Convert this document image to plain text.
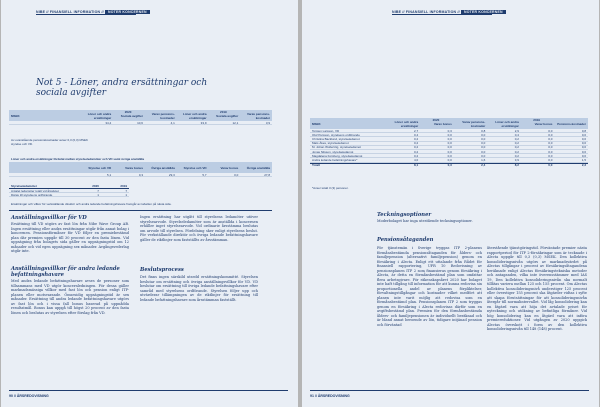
NIBE // FINANSIELL INFORMATION // NOTER KONCERNEN
Not 5 - Löner, andra ersättningar och sociala avgifter
MSEK	Löner och andra ersättningar	Sociala avgifter	Varav pensions-kostnader
Löner och andra ersättningar	Sociala avgifter	Varav pensions-kostnader
2020	2019
34,4	10,6	4,1	33,9	12,1	3,9
Av ovanstående pensionskostnader avser 0,3 (0,3) MSEK styrelse och VD.
Löner och andra ersättningar fördelat mellan styrelseledamöter och VD samt övriga anställda
Styrelse och VD	Varav bonus	Övriga anställda	Styrelse och VD	Varav bonus	Övriga anställda
5,1	0,3	29,3	5,7	0,0	27,8
Styrelseledamöter	2020	2019
Antalet ledamöter totalt vid årsslutet	7	7
Därav till styrelsens ordförande	1	1
Ersättningar och villkor för verkställande direktör och andra ledande befattningshavare framgår av tabellen på nästa sida.
Anställningsvillkor för VD
Ersättning till VD utgörs av fast lön från Nibe Wave Group AB. Ingen ersättning eller andra ersättningar utgår från annat bolag i koncernen. Pensionsförmåner för VD följer en premiebestämd plan där premien uppgår till 30 procent av den fasta lönen. Vid uppsägning från bolagets sida gäller en uppsägningstid om 12 månader och vid egen uppsägning sex månader. Avgångsvederlag utgår inte.
Anställningsvillkor för andra ledande befattningshavare
Med andra ledande befattningshavare avses de personer som tillsammans med VD utgör koncernledningen. För dessa gäller marknadsmässiga villkor med fast lön och pension enligt ITP-planen eller motsvarande. Ömsesidig uppsägningstid är sex månader. Ersättning till andra ledande befattningshavare utgörs av fast lön och i vissa fall bonus baserad på uppnådda resultatmål. Bonus kan uppgå till högst 20 procent av den fasta lönen och beslutas av styrelsen efter förslag från VD.
Ingen ersättning har utgått till styrelsens ledamöter utöver styrelsearvode. Styrelseledamöter som är anställda i koncernen erhåller inget styrelsearvode. Vid ordinarie årsstämma beslutas om arvode till styrelsen. Fördelning sker enligt styrelsens beslut. För verkställande direktör och övriga ledande befattningshavare gäller de riktlinjer som fastställts av årsstämman.
Beslutsprocess
Det finns ingen särskild utsedd ersättningskommitté. Styrelsen beslutar om ersättning och övriga anställningsvillkor för VD. VD beslutar om ersättning till övriga ledande befattningshavare efter samråd med styrelsens ordförande. Styrelsen följer upp och utvärderar tillämpningen av de riktlinjer för ersättning till ledande befattningshavare som årsstämman fastställt.
90 // ÅRSREDOVISNING
NIBE // FINANSIELL INFORMATION // NOTER KONCERNEN
MSEK	Löner och andra ersättningar	Varav bonus	Varav pensions-kostnader
Löner och andra ersättningar	Varav bonus	Pensions-kostnader
2020	2019
Torsten Larsson, VD	2,7	0,3	0,8	2,9	0,0	0,8
Olof Persson, styrelsens ordförande	0,4	0,0	0,0	0,4	0,0	0,0
Christina Backlund, styrelseledamot	0,2	0,0	0,0	0,2	0,0	0,0
Mats Åkes, styrelseledamot	0,2	0,0	0,0	0,2	0,0	0,0
M. Johan Wollertzig, styrelseledamot	0,2	0,0	0,0	0,2	0,0	0,0
Jonas Nilsson, styrelseledamot	0,2	0,0	0,0	0,2	0,0	0,0
Magdalena Forsberg, styrelseledamot	0,2	0,0	0,0	0,2	0,0	0,0
Andra ledande befattningshavare*	4,0	0,0	1,6	3,9	0,0	1,5
Totalt	8,1	0,3	2,4	8,2	0,0	2,3
*Avser totalt 3 (3) personer.
Teckningsoptioner
Moderbolaget har inga utestående teckningsoptioner.
Pensionsåtaganden
För tjänstemän i Sverige tryggas ITP 2-planens förmånsbestämda pensionsåtaganden för ålders- och familjepension (alternativt familjepension) genom en försäkring i Alecta. Enligt ett uttalande från Rådet för finansiell rapportering, UFR 10 Redovisning av pensionsplanen ITP 2 som finansieras genom försäkring i Alecta, är detta en förmånsbestämd plan som omfattar flera arbetsgivare. För räkenskapsåret 2020 har bolaget inte haft tillgång till information för att kunna redovisa sin proportionella andel av planens förpliktelser, förvaltningstillgångar och kostnader vilket medfört att planen inte varit möjlig att redovisa som en förmånsbestämd plan. Pensionsplanen ITP 2 som tryggas genom en försäkring i Alecta redovisas därför som en avgiftsbestämd plan. Premien för den förmånsbestämda ålders- och familjepensionen är individuellt beräknad och är bland annat beroende av lön, tidigare intjänad pension och förväntad
återstående tjänstgöringstid. Förväntade premier nästa rapportperiod för ITP 2-försäkringar som är tecknade i Alecta uppgår till 0,3 (0,3) MSEK. Den kollektiva konsolideringsnivån utgörs av marknadsvärdet på Alectas tillgångar i procent av försäkringsåtagandena beräknade enligt Alectas försäkringstekniska metoder och antaganden, vilka inte överensstämmer med IAS 19. Den kollektiva konsolideringsnivån ska normalt tillåtas variera mellan 125 och 155 procent. Om Alectas kollektiva konsolideringsnivå understiger 125 procent eller överstiger 155 procent ska åtgärder vidtas i syfte att skapa förutsättningar för att konsolideringsnivån återgår till normalintervallet. Vid låg konsolidering kan en åtgärd vara att höja det avtalade priset för nyteckning och utökning av befintliga förmåner. Vid hög konsolidering kan en åtgärd vara att införa premiereduktioner. Vid utgången av 2020 uppgick Alectas överskott i form av den kollektiva konsolideringsnivån till 148 (148) procent.
91 // ÅRSREDOVISNING
